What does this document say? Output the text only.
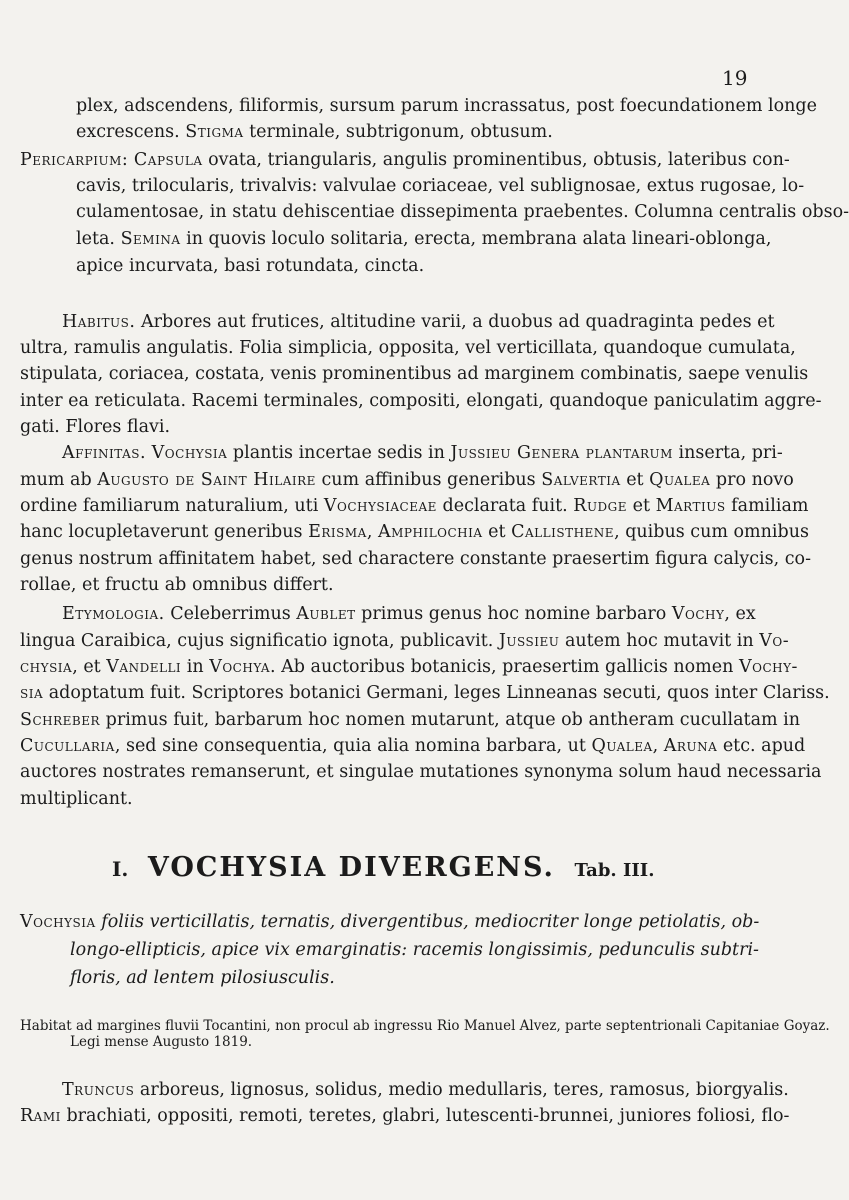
19
plex, adscendens, filiformis, sursum parum incrassatus, post foecundationem longe
excrescens. Stigma terminale, subtrigonum, obtusum.
Pericarpium: Capsula ovata, triangularis, angulis prominentibus, obtusis, lateribus con-
cavis, trilocularis, trivalvis: valvulae coriaceae, vel sublignosae, extus rugosae, lo-
culamentosae, in statu dehiscentiae dissepimenta praebentes. Columna centralis obso-
leta. Semina in quovis loculo solitaria, erecta, membrana alata lineari-oblonga,
apice incurvata, basi rotundata, cincta.
Habitus. Arbores aut frutices, altitudine varii, a duobus ad quadraginta pedes et
ultra, ramulis angulatis. Folia simplicia, opposita, vel verticillata, quandoque cumulata,
stipulata, coriacea, costata, venis prominentibus ad marginem combinatis, saepe venulis
inter ea reticulata. Racemi terminales, compositi, elongati, quandoque paniculatim aggre-
gati. Flores flavi.
Affinitas. Vochysia plantis incertae sedis in Jussieu Genera plantarum inserta, pri-
mum ab Augusto de Saint Hilaire cum affinibus generibus Salvertia et Qualea pro novo
ordine familiarum naturalium, uti Vochysiaceae declarata fuit. Rudge et Martius familiam
hanc locupletaverunt generibus Erisma, Amphilochia et Callisthene, quibus cum omnibus
genus nostrum affinitatem habet, sed charactere constante praesertim figura calycis, co-
rollae, et fructu ab omnibus differt.
Etymologia. Celeberrimus Aublet primus genus hoc nomine barbaro Vochy, ex
lingua Caraibica, cujus significatio ignota, publicavit. Jussieu autem hoc mutavit in Vo-
chysia, et Vandelli in Vochya. Ab auctoribus botanicis, praesertim gallicis nomen Vochy-
sia adoptatum fuit. Scriptores botanici Germani, leges Linneanas secuti, quos inter Clariss.
Schreber primus fuit, barbarum hoc nomen mutarunt, atque ob antheram cucullatam in
Cucullaria, sed sine consequentia, quia alia nomina barbara, ut Qualea, Aruna etc. apud
auctores nostrates remanserunt, et singulae mutationes synonyma solum haud necessaria
multiplicant.
I. VOCHYSIA DIVERGENS. Tab. III.
Vochysia foliis verticillatis, ternatis, divergentibus, mediocriter longe petiolatis, ob-
longo-ellipticis, apice vix emarginatis: racemis longissimis, pedunculis subtri-
floris, ad lentem pilosiusculis.
Habitat ad margines fluvii Tocantini, non procul ab ingressu Rio Manuel Alvez, parte septentrionali Capitaniae Goyaz.
Legi mense Augusto 1819.
Truncus arboreus, lignosus, solidus, medio medullaris, teres, ramosus, biorgyalis.
Rami brachiati, oppositi, remoti, teretes, glabri, lutescenti-brunnei, juniores foliosi, flo-
